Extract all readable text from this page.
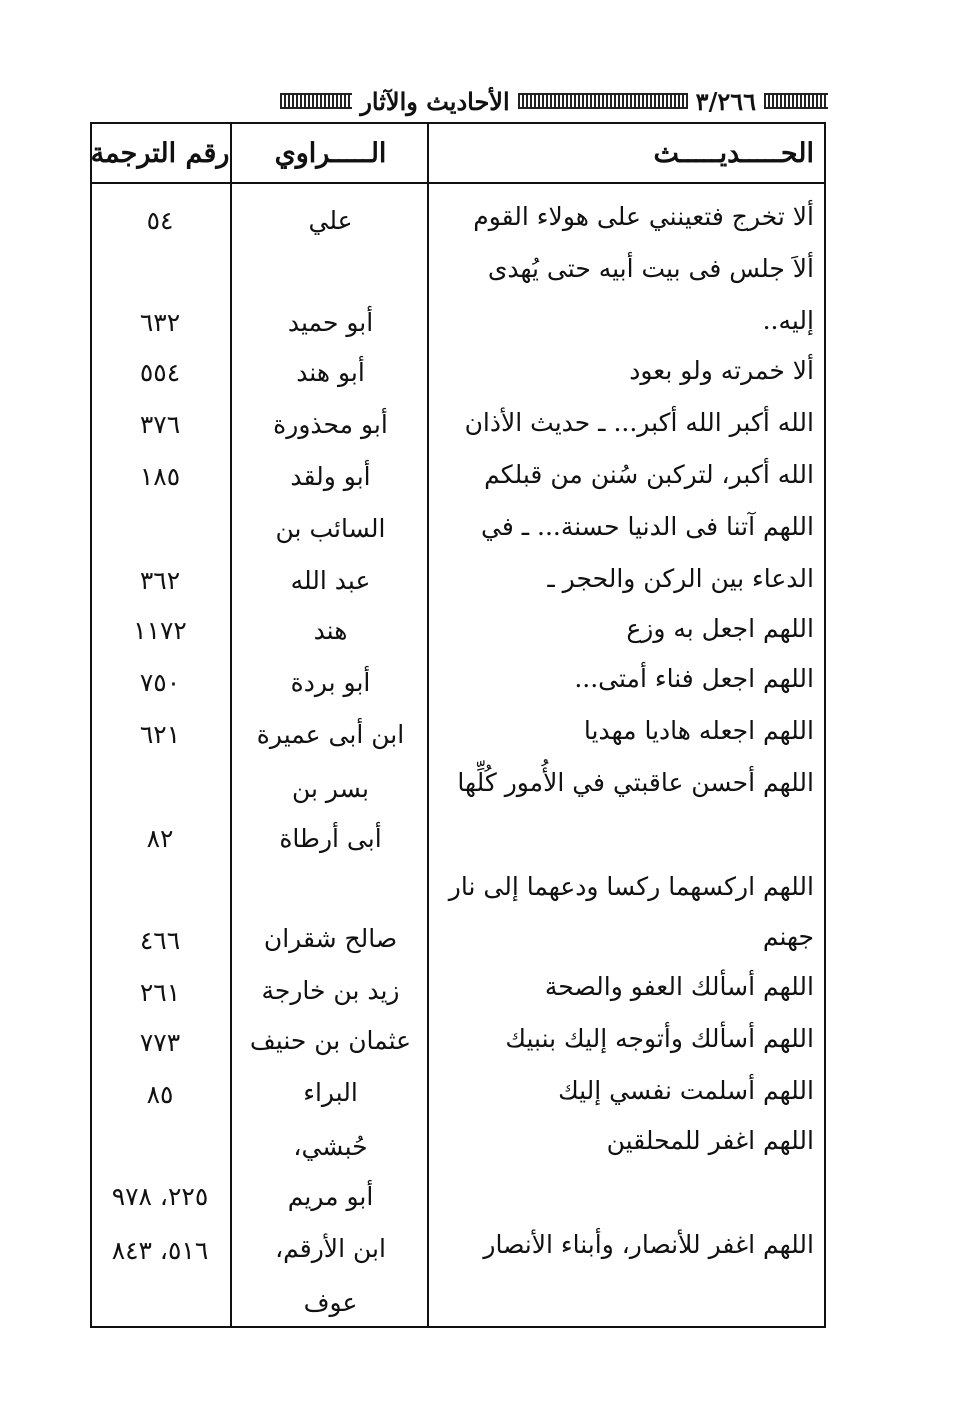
٣/٢٦٦
الأحاديث والآثار
الحـــــديـــــث
الـــــراوي
رقم الترجمة
ألا تخرج فتعينني على هولاء القوم
ألاَ جلس فى بيت أبيه حتى يُهدى
إليه..
ألا خمرته ولو بعود
الله أكبر الله أكبر... ـ حديث الأذان
الله أكبر، لتركبن سُنن من قبلكم
اللهم آتنا فى الدنيا حسنة... ـ في
الدعاء بين الركن والحجر ـ
اللهم اجعل به وزع
اللهم اجعل فناء أمتى...
اللهم اجعله هاديا مهديا
اللهم أحسن عاقبتي في الأُمور كُلِّها
اللهم اركسهما ركسا ودعهما إلى نار
جهنم
اللهم أسألك العفو والصحة
اللهم أسألك وأتوجه إليك بنبيك
اللهم أسلمت نفسي إليك
اللهم اغفر للمحلقين
اللهم اغفر للأنصار، وأبناء الأنصار
علي
أبو حميد
أبو هند
أبو محذورة
أبو ولقد
السائب بن
عبد الله
هند
أبو بردة
ابن أبى عميرة
بسر بن
أبى أرطاة
صالح شقران
زيد بن خارجة
عثمان بن حنيف
البراء
حُبشي،
أبو مريم
ابن الأرقم،
عوف
٥٤
٦٣٢
٥٥٤
٣٧٦
١٨٥
٣٦٢
١١٧٢
٧٥٠
٦٢١
٨٢
٤٦٦
٢٦١
٧٧٣
٨٥
٢٢٥، ٩٧٨
٥١٦، ٨٤٣
